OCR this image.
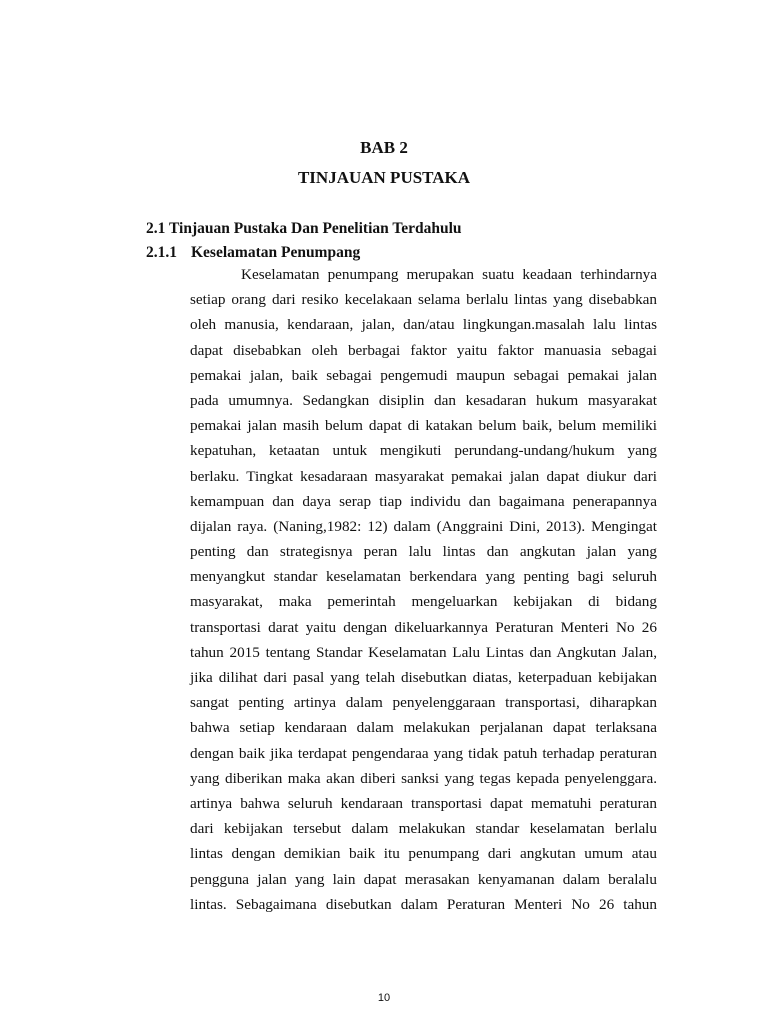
BAB 2
TINJAUAN PUSTAKA
2.1 Tinjauan Pustaka Dan Penelitian Terdahulu
2.1.1 Keselamatan Penumpang
Keselamatan penumpang merupakan suatu keadaan terhindarnya
setiap orang dari resiko kecelakaan selama berlalu lintas yang disebabkan
oleh manusia, kendaraan, jalan, dan/atau lingkungan.masalah lalu lintas
dapat disebabkan oleh berbagai faktor yaitu faktor manuasia sebagai
pemakai jalan, baik sebagai pengemudi maupun sebagai pemakai jalan
pada umumnya. Sedangkan disiplin dan kesadaran hukum masyarakat
pemakai jalan masih belum dapat di katakan belum baik, belum memiliki
kepatuhan, ketaatan untuk mengikuti perundang-undang/hukum yang
berlaku. Tingkat kesadaraan masyarakat pemakai jalan dapat diukur dari
kemampuan dan daya serap tiap individu dan bagaimana penerapannya
dijalan raya. (Naning,1982: 12) dalam (Anggraini Dini, 2013). Mengingat
penting dan strategisnya peran lalu lintas dan angkutan jalan yang
menyangkut standar keselamatan berkendara yang penting bagi seluruh
masyarakat, maka pemerintah mengeluarkan kebijakan di bidang
transportasi darat yaitu dengan dikeluarkannya Peraturan Menteri No 26
tahun 2015 tentang Standar Keselamatan Lalu Lintas dan Angkutan Jalan,
jika dilihat dari pasal yang telah disebutkan diatas, keterpaduan kebijakan
sangat penting artinya dalam penyelenggaraan transportasi, diharapkan
bahwa setiap kendaraan dalam melakukan perjalanan dapat terlaksana
dengan baik jika terdapat pengendaraa yang tidak patuh terhadap peraturan
yang diberikan maka akan diberi sanksi yang tegas kepada penyelenggara.
artinya bahwa seluruh kendaraan transportasi dapat mematuhi peraturan
dari kebijakan tersebut dalam melakukan standar keselamatan berlalu
lintas dengan demikian baik itu penumpang dari angkutan umum atau
pengguna jalan yang lain dapat merasakan kenyamanan dalam beralalu
lintas. Sebagaimana disebutkan dalam Peraturan Menteri No 26 tahun
10
